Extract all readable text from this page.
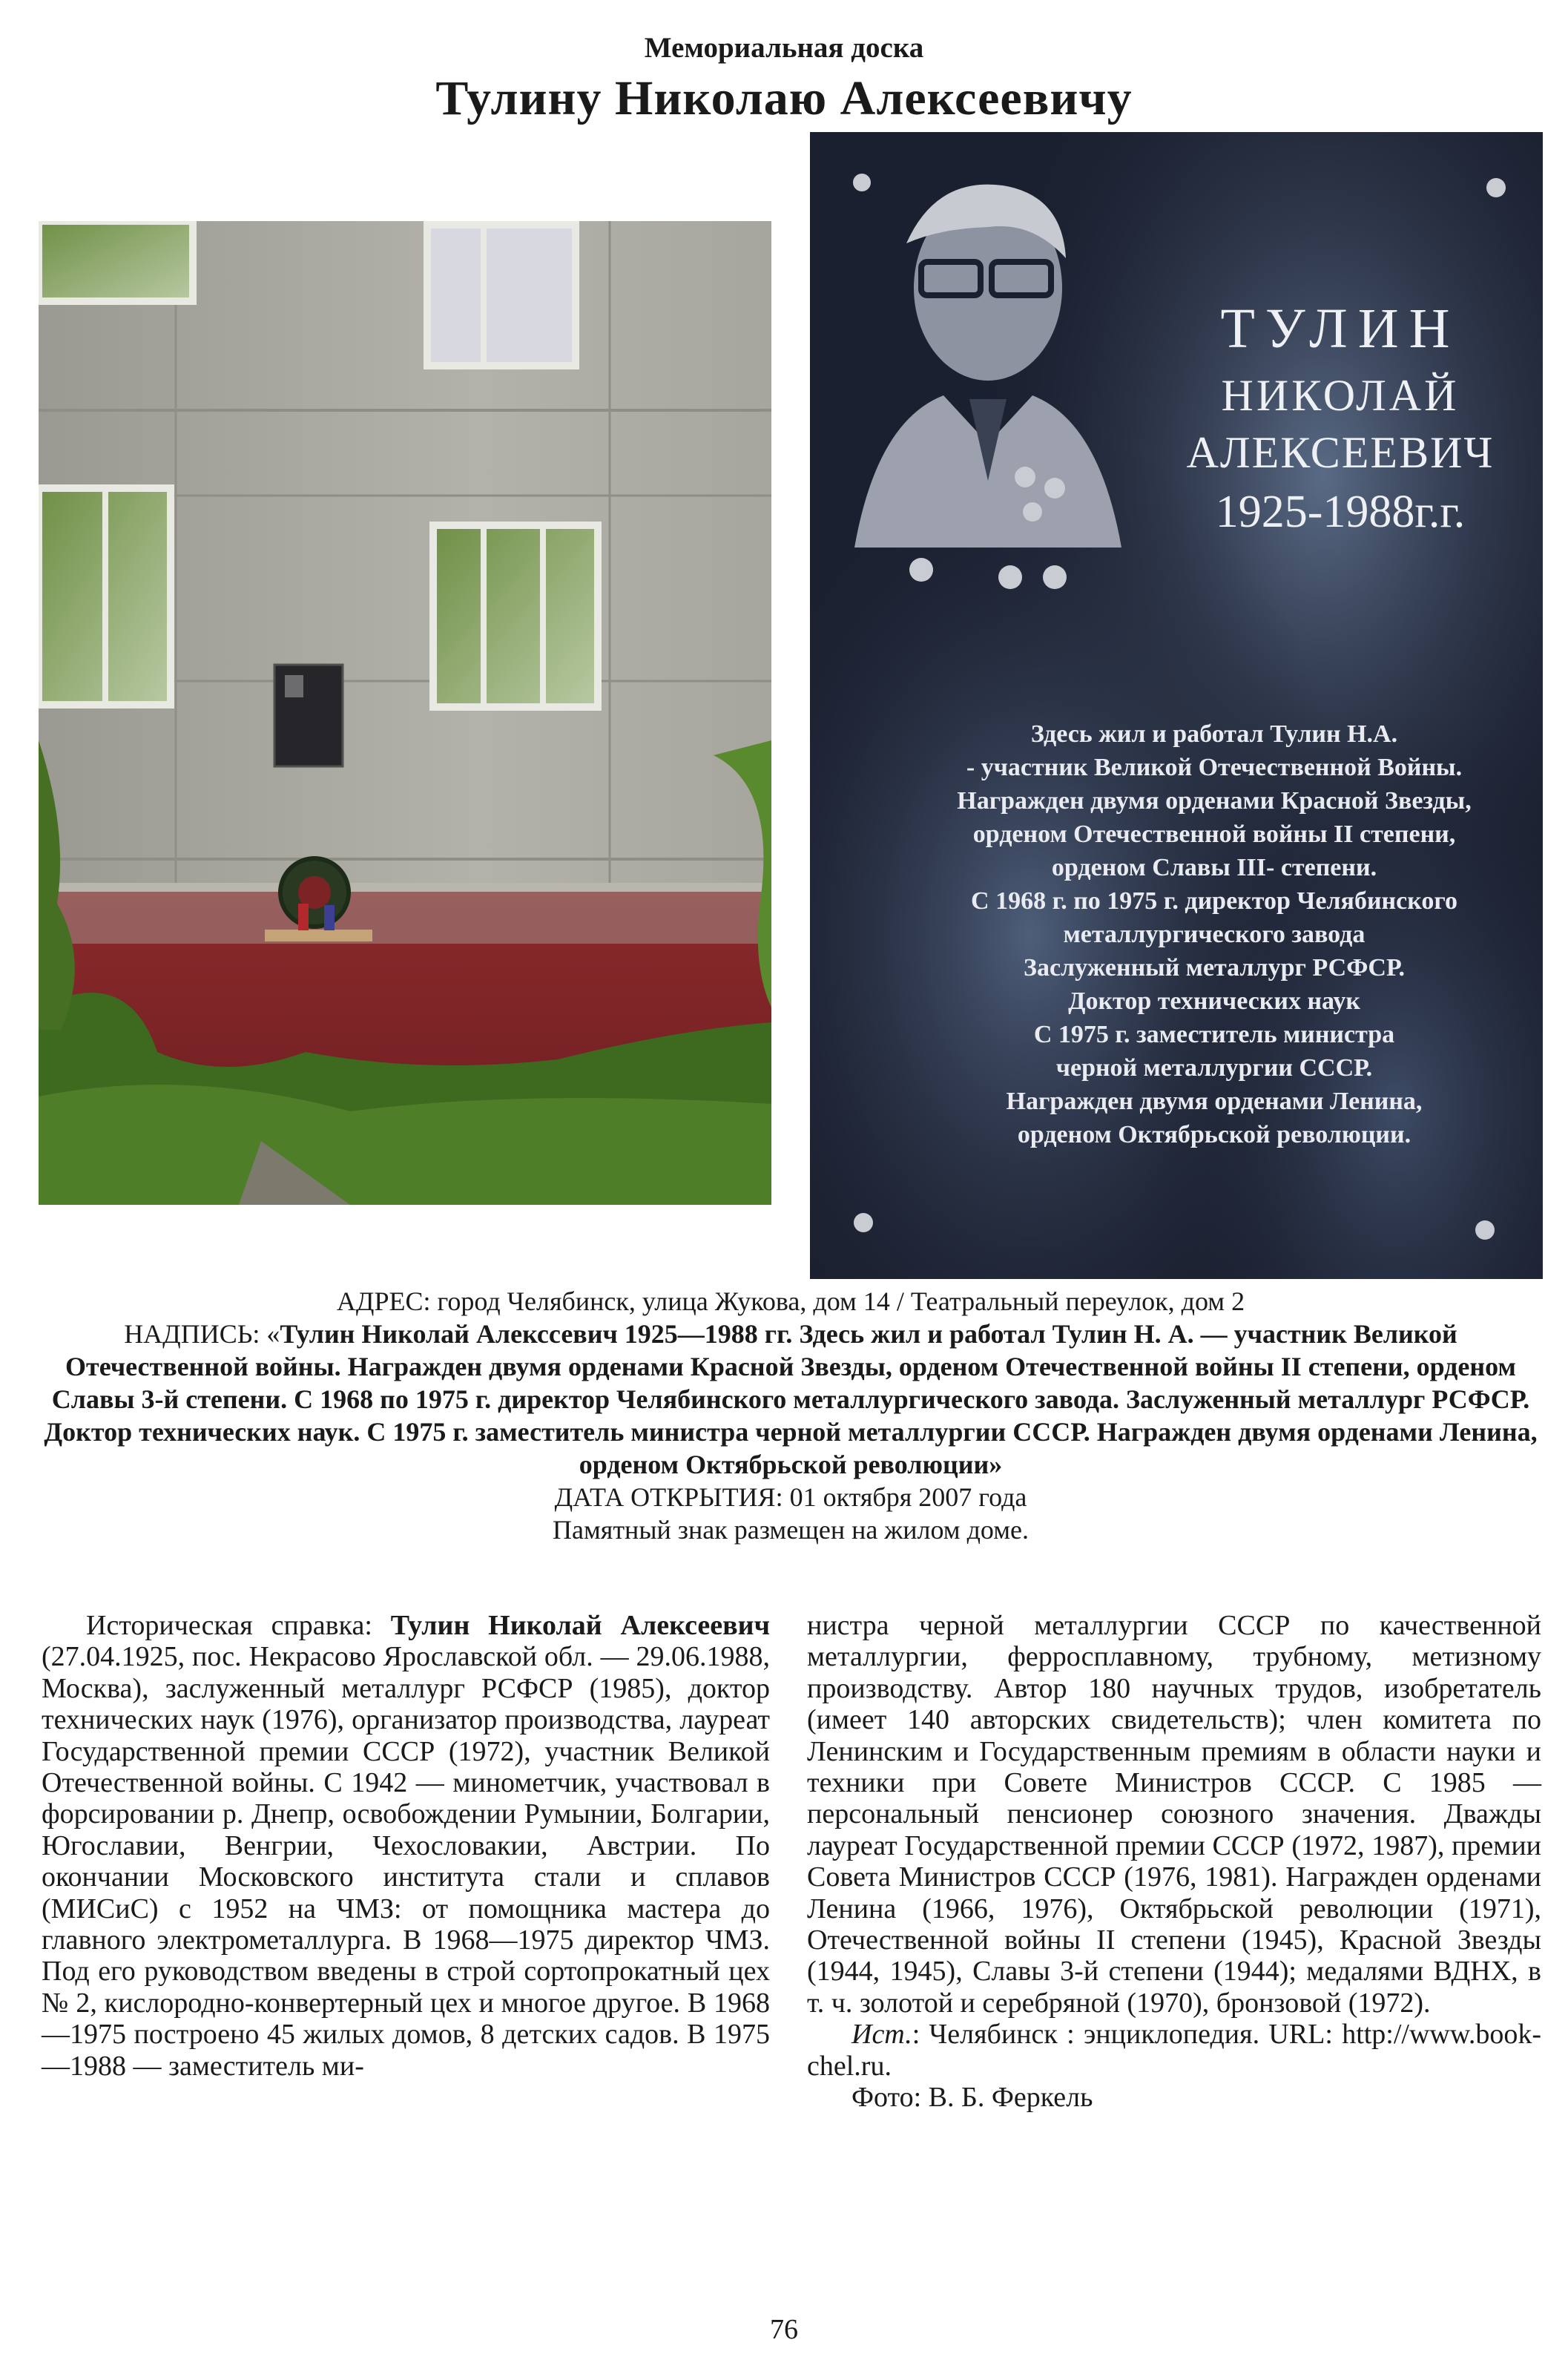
Мемориальная доска
Тулину Николаю Алексеевичу
ТУЛИН
НИКОЛАЙ
АЛЕКСЕЕВИЧ
1925-1988г.г.
Здесь жил и работал Тулин Н.А.
- участник Великой Отечественной Войны.
Награжден двумя орденами Красной Звезды,
орденом Отечественной войны II степени,
орденом Славы III- степени.
С 1968 г. по 1975 г. директор Челябинского
металлургического завода
Заслуженный металлург РСФСР.
Доктор технических наук
С 1975 г. заместитель министра
черной металлургии СССР.
Награжден двумя орденами Ленина,
орденом Октябрьской революции.
АДРЕС: город Челябинск, улица Жукова, дом 14 / Театральный переулок, дом 2
НАДПИСЬ: «Тулин Николай Алекссевич 1925—1988 гг. Здесь жил и работал Тулин Н. А. — участник Великой Отечественной войны. Награжден двумя орденами Красной Звезды, орденом Отечественной войны II степени, орденом Славы 3-й степени. С 1968 по 1975 г. директор Челябинского металлургического завода. Заслуженный металлург РСФСР. Доктор технических наук. С 1975 г. заместитель министра черной металлургии СССР. Награжден двумя орденами Ленина, орденом Октябрьской революции»
ДАТА ОТКРЫТИЯ: 01 октября 2007 года
Памятный знак размещен на жилом доме.

Историческая справка: Тулин Николай Алексеевич (27.04.1925, пос. Некрасово Ярославской обл. — 29.06.1988, Москва), заслуженный металлург РСФСР (1985), доктор технических наук (1976), организатор производства, лауреат Государственной премии СССР (1972), участник Великой Отечественной войны. С 1942 — минометчик, участвовал в форсировании р. Днепр, освобождении Румынии, Болгарии, Югославии, Венгрии, Чехословакии, Австрии. По окончании Московского института стали и сплавов (МИСиС) с 1952 на ЧМЗ: от помощника мастера до главного электрометаллурга. В 1968—1975 директор ЧМЗ. Под его руководством введены в строй сортопрокатный цех № 2, кислородно-конвертерный цех и многое другое. В 1968—1975 построено 45 жилых домов, 8 детских садов. В 1975—1988 — заместитель ми-

нистра черной металлургии СССР по качественной металлургии, ферросплавному, трубному, метизному производству. Автор 180 научных трудов, изобретатель (имеет 140 авторских свидетельств); член комитета по Ленинским и Государственным премиям в области науки и техники при Совете Министров СССР. С 1985 — персональный пенсионер союзного значения. Дважды лауреат Государственной премии СССР (1972, 1987), премии Совета Министров СССР (1976, 1981). Награжден орденами Ленина (1966, 1976), Октябрьской революции (1971), Отечественной войны II степени (1945), Красной Звезды (1944, 1945), Славы 3-й степени (1944); медалями ВДНХ, в т. ч. золотой и серебряной (1970), бронзовой (1972).

Ист.: Челябинск : энциклопедия. URL: http://www.book-chel.ru.

Фото: В. Б. Феркель

76
